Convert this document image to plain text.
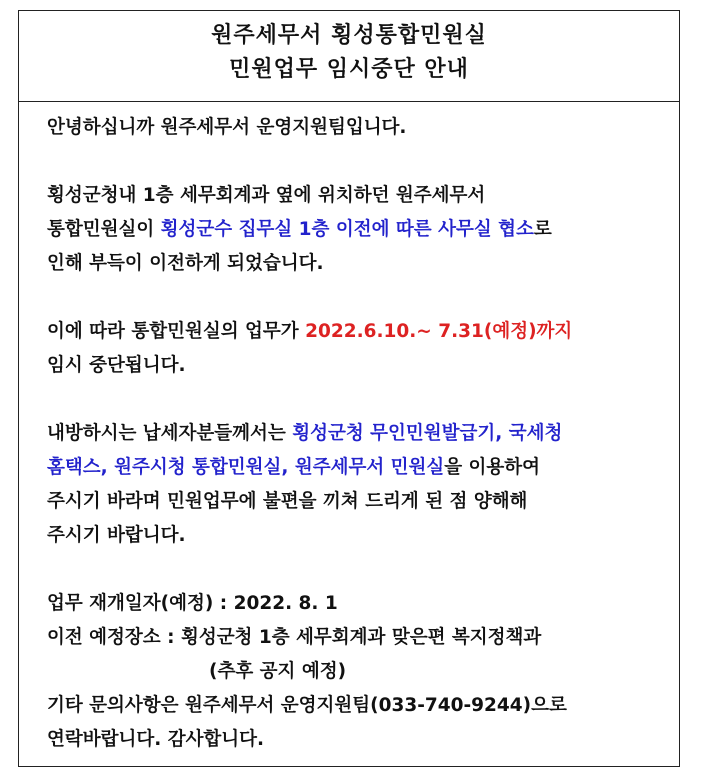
원주세무서 횡성통합민원실
민원업무 임시중단 안내

안녕하십니까 원주세무서 운영지원팀입니다.

횡성군청내 1층 세무회계과 옆에 위치하던 원주세무서

통합민원실이 횡성군수 집무실 1층 이전에 따른 사무실 협소로

인해 부득이 이전하게 되었습니다.

이에 따라 통합민원실의 업무가 2022.6.10.~ 7.31(예정)까지

임시 중단됩니다.

내방하시는 납세자분들께서는 횡성군청 무인민원발급기, 국세청

홈택스, 원주시청 통합민원실, 원주세무서 민원실을 이용하여

주시기 바라며 민원업무에 불편을 끼쳐 드리게 된 점 양해해

주시기 바랍니다.

업무 재개일자(예정) : 2022. 8. 1

이전 예정장소 : 횡성군청 1층 세무회계과 맞은편 복지정책과

(추후 공지 예정)

기타 문의사항은 원주세무서 운영지원팀(033-740-9244)으로

연락바랍니다. 감사합니다.
